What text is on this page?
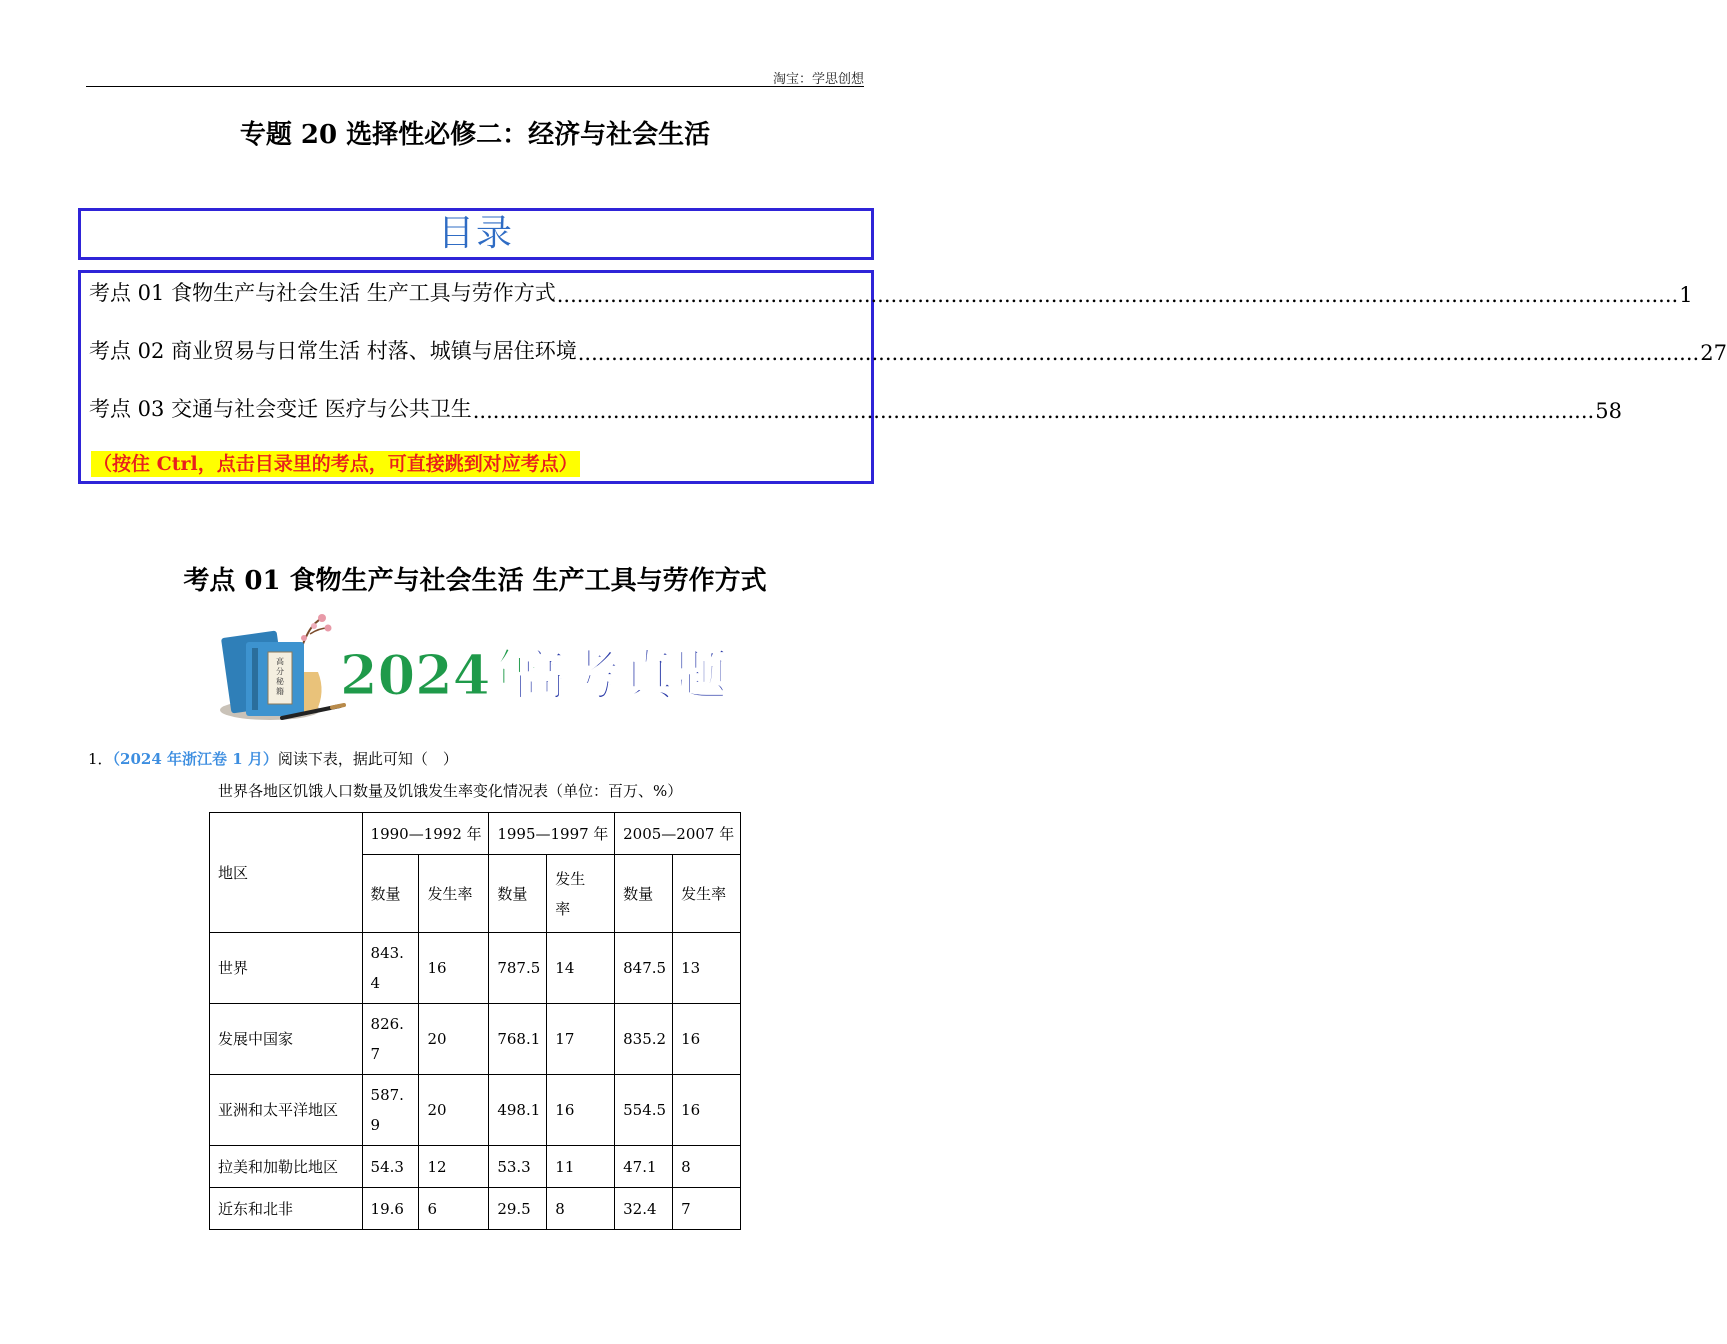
淘宝：学思创想
专题 20 选择性必修二：经济与社会生活
目录
考点 01 食物生产与社会生活 生产工具与劳作方式 ........................................................................................................................................................................ 1
考点 02 商业贸易与日常生活 村落、城镇与居住环境 ........................................................................................................................................................................ 27
考点 03 交通与社会变迁 医疗与公共卫生 ........................................................................................................................................................................ 58
（按住 Ctrl，点击目录里的考点，可直接跳到对应考点）
考点 01 食物生产与社会生活 生产工具与劳作方式
高分秘籍 2024年
高考真题
1．（2024 年浙江卷 1 月）阅读下表，据此可知（　）
世界各地区饥饿人口数量及饥饿发生率变化情况表（单位：百万、%）
地区	1990—1992 年		1995—1997 年		2005—2007 年	
	数量	发生率	数量	发生
率	数量	发生率
世界	843.
4	16	787.5	14	847.5	13
发展中国家	826.
7	20	768.1	17	835.2	16
亚洲和太平洋地区	587.
9	20	498.1	16	554.5	16
拉美和加勒比地区	54.3	12	53.3	11	47.1	8
近东和北非	19.6	6	29.5	8	32.4	7
